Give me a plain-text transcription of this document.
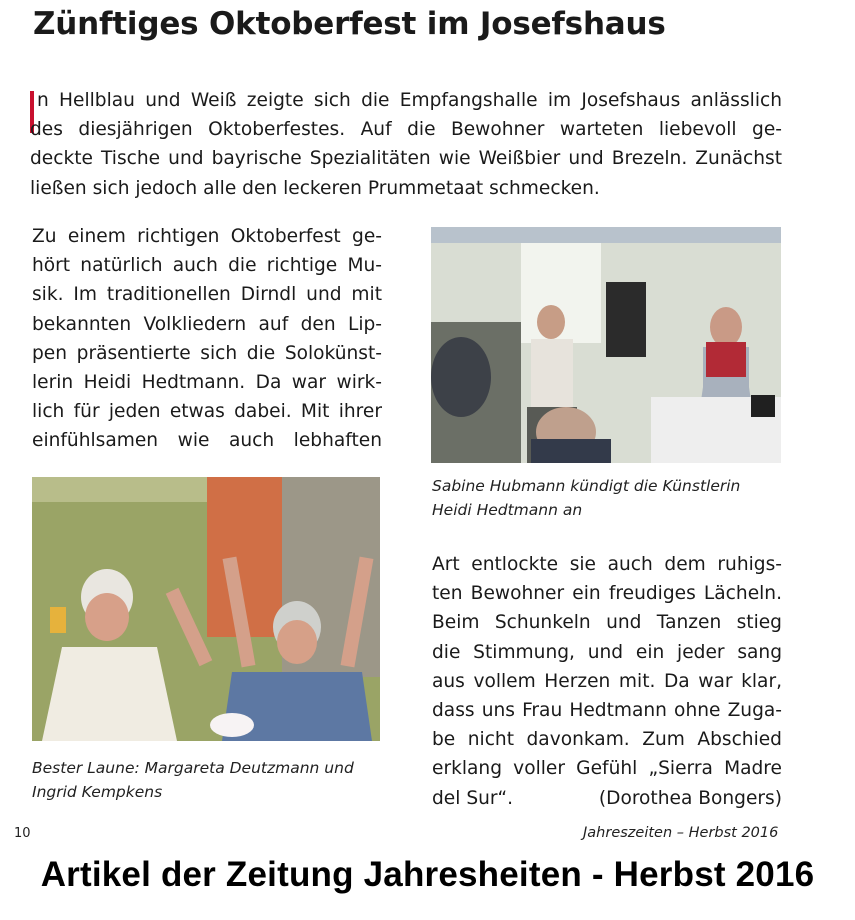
Zünftiges Oktoberfest im Josefshaus
n Hellblau und Weiß zeigte sich die Empfangshalle im Josefshaus anlässlich
des diesjährigen Oktoberfestes. Auf die Bewohner warteten liebevoll ge-
deckte Tische und bayrische Spezialitäten wie Weißbier und Brezeln. Zunächst
ließen sich jedoch alle den leckeren Prummetaat schmecken.
Zu einem richtigen Oktoberfest ge-
hört natürlich auch die richtige Mu-
sik. Im traditionellen Dirndl und mit
bekannten Volkliedern auf den Lip-
pen präsentierte sich die Solokünst-
lerin Heidi Hedtmann. Da war wirk-
lich für jeden etwas dabei. Mit ihrer
einfühlsamen wie auch lebhaften
Sabine Hubmann kündigt die Künstlerin
Heidi Hedtmann an
Bester Laune: Margareta Deutzmann und
Ingrid Kempkens
Art entlockte sie auch dem ruhigs-
ten Bewohner ein freudiges Lächeln.
Beim Schunkeln und Tanzen stieg
die Stimmung, und ein jeder sang
aus vollem Herzen mit. Da war klar,
dass uns Frau Hedtmann ohne Zuga-
be nicht davonkam. Zum Abschied
erklang voller Gefühl „Sierra Madre
del Sur“.	(Dorothea Bongers)
10	Jahreszeiten – Herbst 2016
Artikel der Zeitung Jahresheiten - Herbst 2016
